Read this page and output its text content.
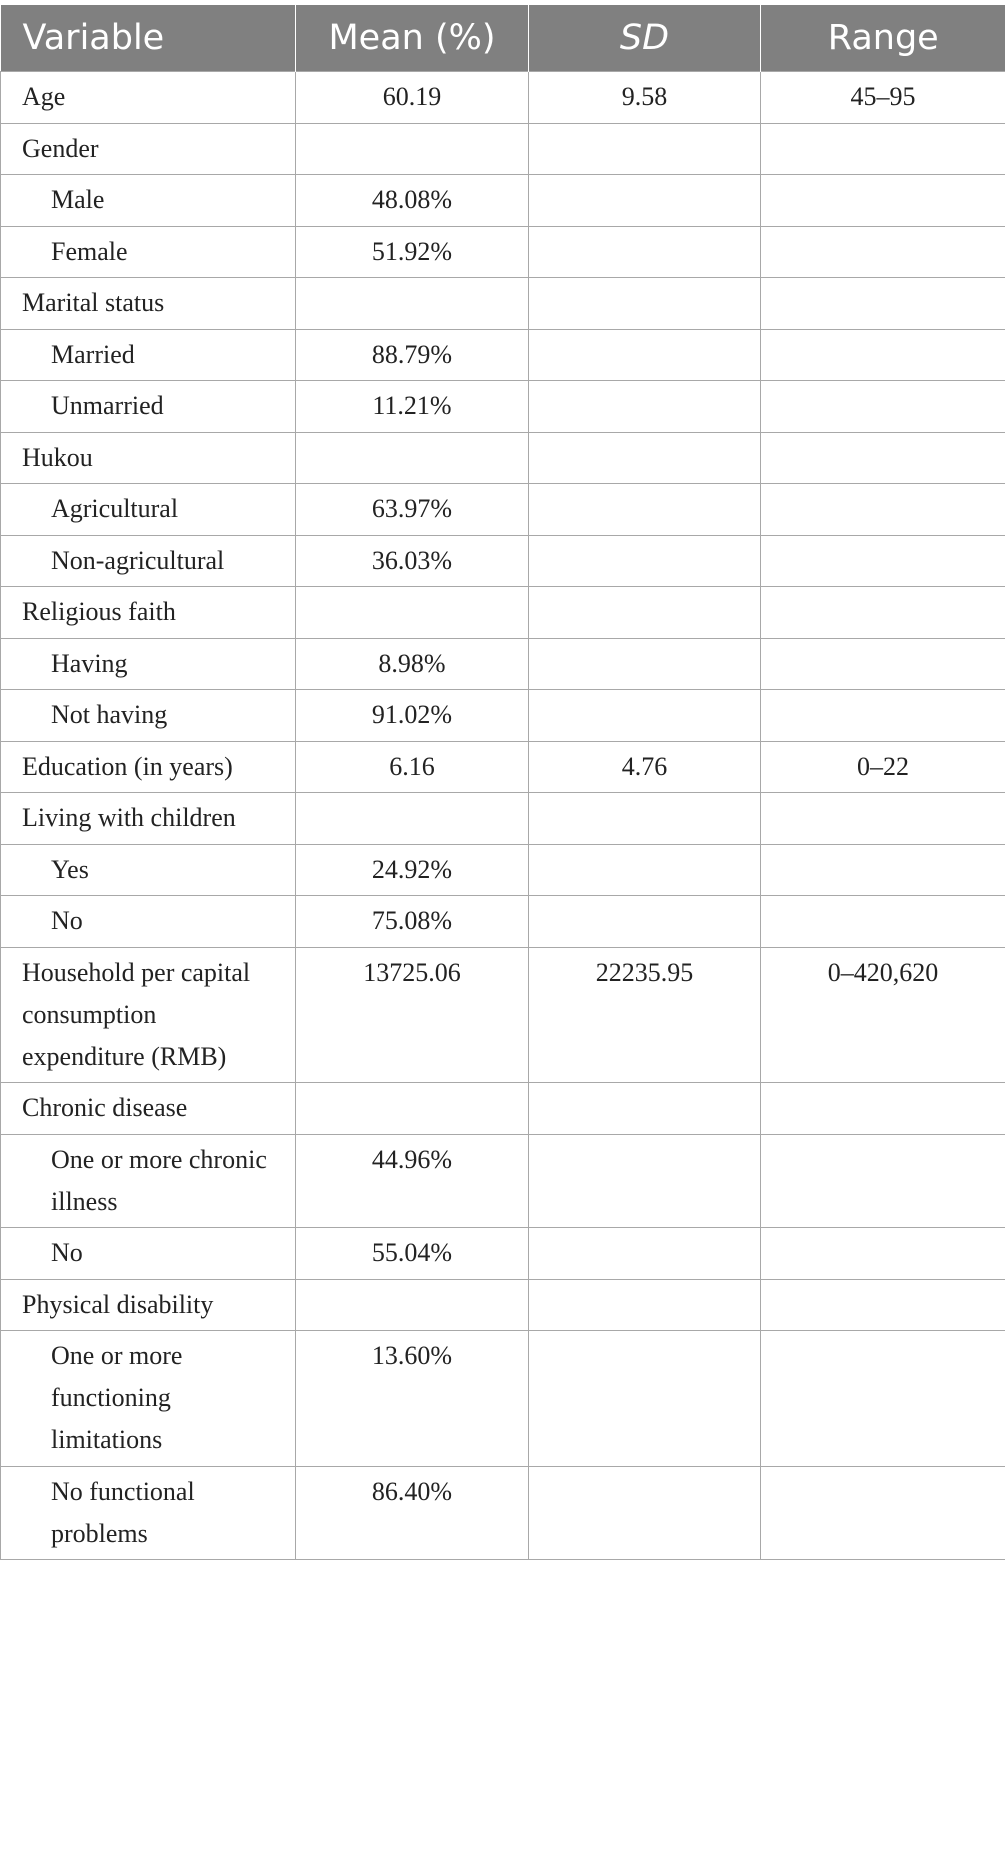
Variable	Mean (%)	SD	Range

Age	60.19	9.58	45–95

Gender			

Male	48.08%		

Female	51.92%		

Marital status			

Married	88.79%		

Unmarried	11.21%		

Hukou			

Agricultural	63.97%		

Non-agricultural	36.03%		

Religious faith			

Having	8.98%		

Not having	91.02%		

Education (in years)	6.16	4.76	0–22

Living with children			

Yes	24.92%		

No	75.08%		

Household per capital consumption expenditure (RMB)	13725.06	22235.95	0–420,620

Chronic disease			

One or more chronic illness	44.96%		

No	55.04%		

Physical disability			

One or more functioning limitations	13.60%		

No functional problems	86.40%		
